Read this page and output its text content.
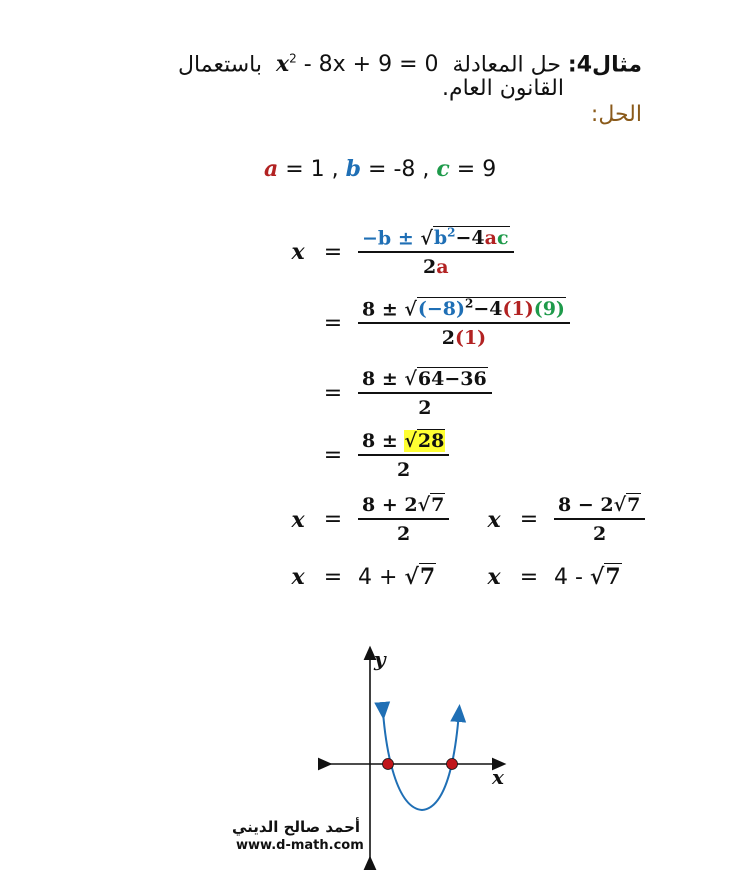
مثال4: حل المعادلة  $x^2 - 8x + 9 = 0$  باستعمال
القانون العام.
الحل:
a = 1 , b = -8 , c = 9
$x = \frac{-b \pm √b^2-4ac}{2a}$
= $\frac{8 \pm √(-8)^2-4(1)(9)}{2(1)}$
= $\frac{8 \pm √64-36}{2}$
= $\frac{8 \pm √28}{2}$
$x = \frac{8 + 2√7}{2}$ $x = \frac{8 - 2√7}{2}$
x = 4 + √7 x = 4 - √7
y
x
أحمد صالح الديني
www.d-math.com
